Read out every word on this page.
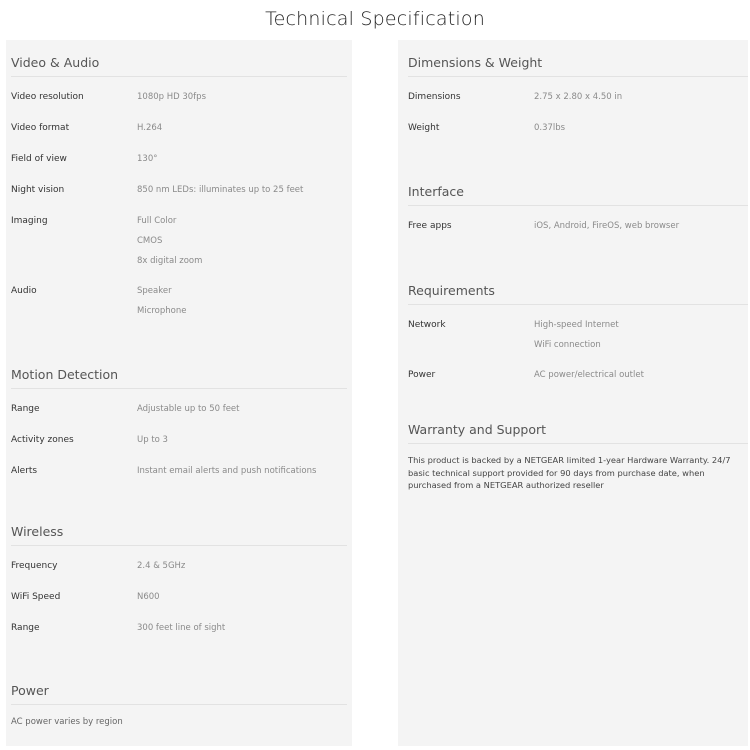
Technical Specification
Video & Audio
Video resolution	1080p HD 30fps
Video format	H.264
Field of view	130°
Night vision	850 nm LEDs: illuminates up to 25 feet
Imaging	Full Color
CMOS
8x digital zoom
Audio	Speaker
Microphone
Motion Detection
Range	Adjustable up to 50 feet
Activity zones	Up to 3
Alerts	Instant email alerts and push notifications
Wireless
Frequency	2.4 & 5GHz
WiFi Speed	N600
Range	300 feet line of sight
Power
AC power varies by region
Dimensions & Weight
Dimensions	2.75 x 2.80 x 4.50 in
Weight	0.37lbs
Interface
Free apps	iOS, Android, FireOS, web browser
Requirements
Network	High-speed Internet
WiFi connection
Power	AC power/electrical outlet
Warranty and Support
This product is backed by a NETGEAR limited 1-year Hardware Warranty. 24/7 basic technical support provided for 90 days from purchase date, when purchased from a NETGEAR authorized reseller
